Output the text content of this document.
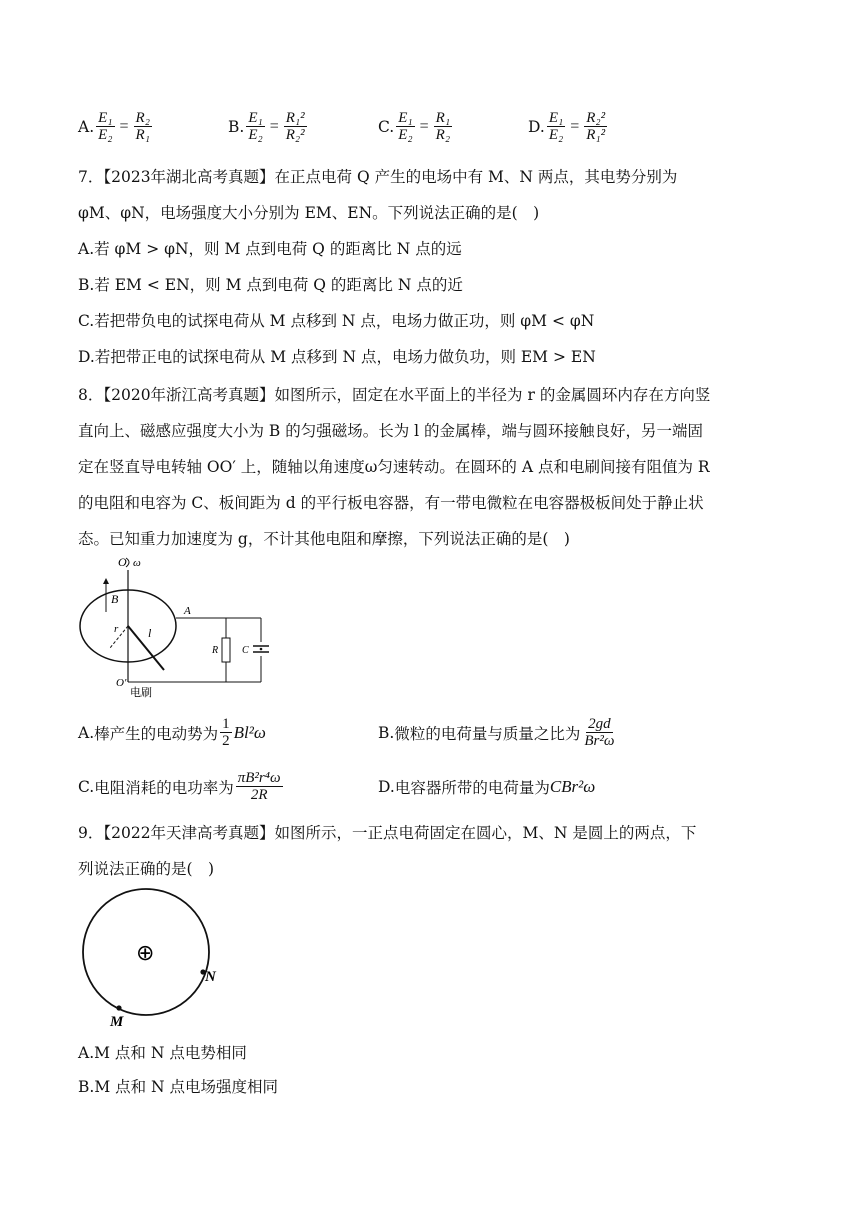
A. $\frac{\text{E₁}}{\text{E₂}} = \frac{\text{R₂}}{\text{R₁}}$	B. $\frac{\text{E₁}}{\text{E₂}} = \frac{\text{R₁²}}{\text{R₂²}}$	C. $\frac{\text{E₁}}{\text{E₂}} = \frac{\text{R₁}}{\text{R₂}}$	D. $\frac{\text{E₁}}{\text{E₂}} = \frac{\text{R₂²}}{\text{R₁²}}$
7．【2023年湖北高考真题】在正点电荷 Q 产生的电场中有 M、N 两点，其电势分别为
φM、φN，电场强度大小分别为 EM、EN。下列说法正确的是(　)
A.若 φM > φN，则 M 点到电荷 Q 的距离比 N 点的远
B.若 EM < EN，则 M 点到电荷 Q 的距离比 N 点的近
C.若把带负电的试探电荷从 M 点移到 N 点，电场力做正功，则 φM < φN
D.若把带正电的试探电荷从 M 点移到 N 点，电场力做负功，则 EM > EN
8．【2020年浙江高考真题】如图所示，固定在水平面上的半径为 r 的金属圆环内存在方向竖
直向上、磁感应强度大小为 B 的匀强磁场。长为 l 的金属棒，端与圆环接触良好，另一端固
定在竖直导电转轴 OO′ 上，随轴以角速度ω匀速转动。在圆环的 A 点和电刷间接有阻值为 R
的电阻和电容为 C、板间距为 d 的平行板电容器，有一带电微粒在电容器极板间处于静止状
态。已知重力加速度为 g，不计其他电阻和摩擦，下列说法正确的是(　)
O ω
B
r l
A
R C
O′
电刷
A. 棒产生的电动势为 $\frac{1}{2} Bl^2\omega$	B. 微粒的电荷量与质量之比为 $\frac{2gd}{\text{Br²ω}}$
C. 电阻消耗的电功率为 $\frac{\text{πB²r⁴ω}}{2R}$	D. 电容器所带的电荷量为 CBr²ω
9．【2022年天津高考真题】如图所示，一正点电荷固定在圆心，M、N 是圆上的两点，下
列说法正确的是(　)
⊕
N
M
A.M 点和 N 点电势相同
B.M 点和 N 点电场强度相同
